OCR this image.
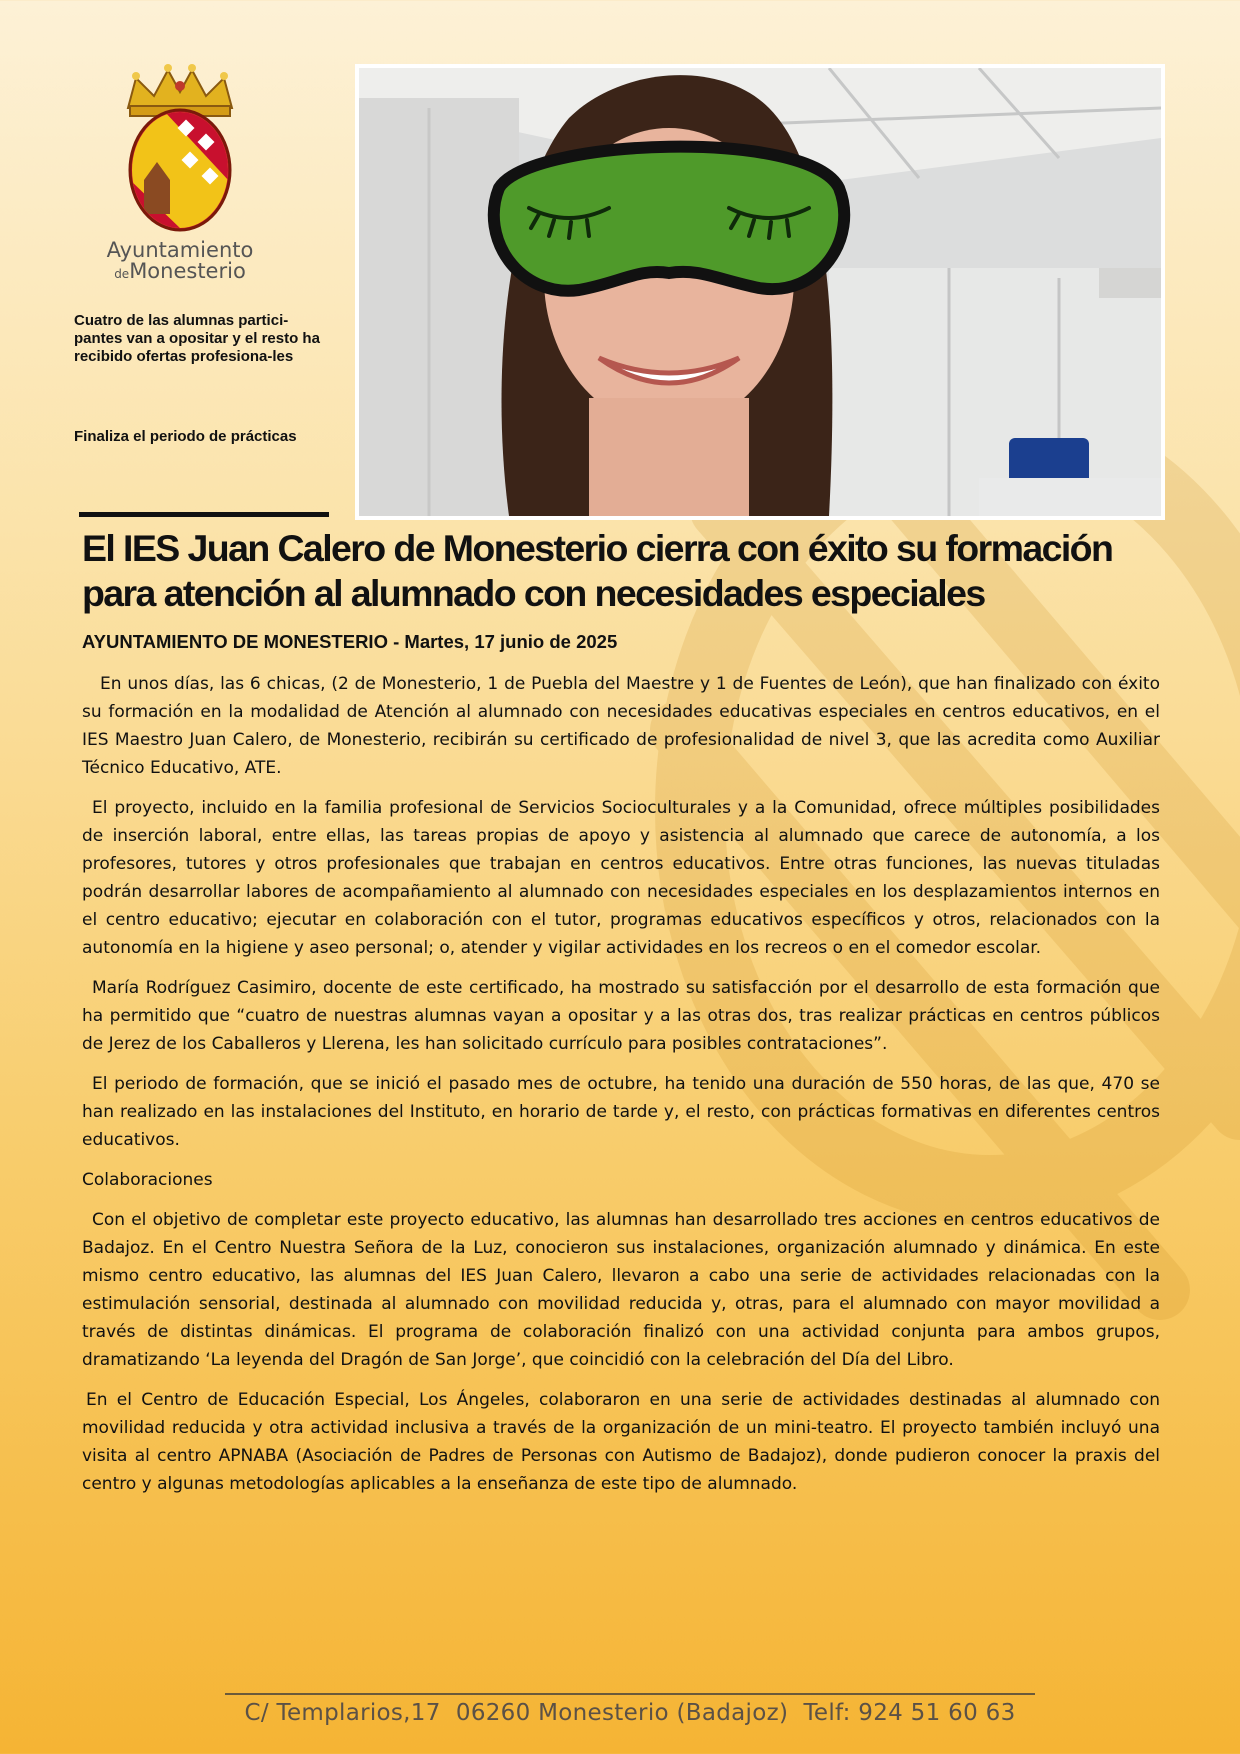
Ayuntamiento
deMonesterio
Cuatro de las alumnas partici-pantes van a opositar y el resto ha recibido ofertas profesiona-les
Finaliza el periodo de prácticas
El IES Juan Calero de Monesterio cierra con éxito su formación para atención al alumnado con necesidades especiales
AYUNTAMIENTO DE MONESTERIO - Martes, 17 junio de 2025

En unos días, las 6 chicas, (2 de Monesterio, 1 de Puebla del Maestre y 1 de Fuentes de León), que han finalizado con éxito su formación en la modalidad de Atención al alumnado con necesidades educativas especiales en centros educativos, en el IES Maestro Juan Calero, de Monesterio, recibirán su certificado de profesionalidad de nivel 3, que las acredita como Auxiliar Técnico Educativo, ATE.

El proyecto, incluido en la familia profesional de Servicios Socioculturales y a la Comunidad, ofrece múltiples posibilidades de inserción laboral, entre ellas, las tareas propias de apoyo y asistencia al alumnado que carece de autonomía, a los profesores, tutores y otros profesionales que trabajan en centros educativos. Entre otras funciones, las nuevas tituladas podrán desarrollar labores de acompañamiento al alumnado con necesidades especiales en los desplazamientos internos en el centro educativo; ejecutar en colaboración con el tutor, programas educativos específicos y otros, relacionados con la autonomía en la higiene y aseo personal; o, atender y vigilar actividades en los recreos o en el comedor escolar.

María Rodríguez Casimiro, docente de este certificado, ha mostrado su satisfacción por el desarrollo de esta formación que ha permitido que “cuatro de nuestras alumnas vayan a opositar y a las otras dos, tras realizar prácticas en centros públicos de Jerez de los Caballeros y Llerena, les han solicitado currículo para posibles contrataciones”.

El periodo de formación, que se inició el pasado mes de octubre, ha tenido una duración de 550 horas, de las que, 470 se han realizado en las instalaciones del Instituto, en horario de tarde y, el resto, con prácticas formativas en diferentes centros educativos.

Colaboraciones

Con el objetivo de completar este proyecto educativo, las alumnas han desarrollado tres acciones en centros educativos de Badajoz. En el Centro Nuestra Señora de la Luz, conocieron sus instalaciones, organización alumnado y dinámica. En este mismo centro educativo, las alumnas del IES Juan Calero, llevaron a cabo una serie de actividades relacionadas con la estimulación sensorial, destinada al alumnado con movilidad reducida y, otras, para el alumnado con mayor movilidad a través de distintas dinámicas. El programa de colaboración finalizó con una actividad conjunta para ambos grupos, dramatizando ‘La leyenda del Dragón de San Jorge’, que coincidió con la celebración del Día del Libro.

En el Centro de Educación Especial, Los Ángeles, colaboraron en una serie de actividades destinadas al alumnado con movilidad reducida y otra actividad inclusiva a través de la organización de un mini-teatro. El proyecto también incluyó una visita al centro APNABA (Asociación de Padres de Personas con Autismo de Badajoz), donde pudieron conocer la praxis del centro y algunas metodologías aplicables a la enseñanza de este tipo de alumnado.

C/ Templarios,17  06260 Monesterio (Badajoz)  Telf: 924 51 60 63
